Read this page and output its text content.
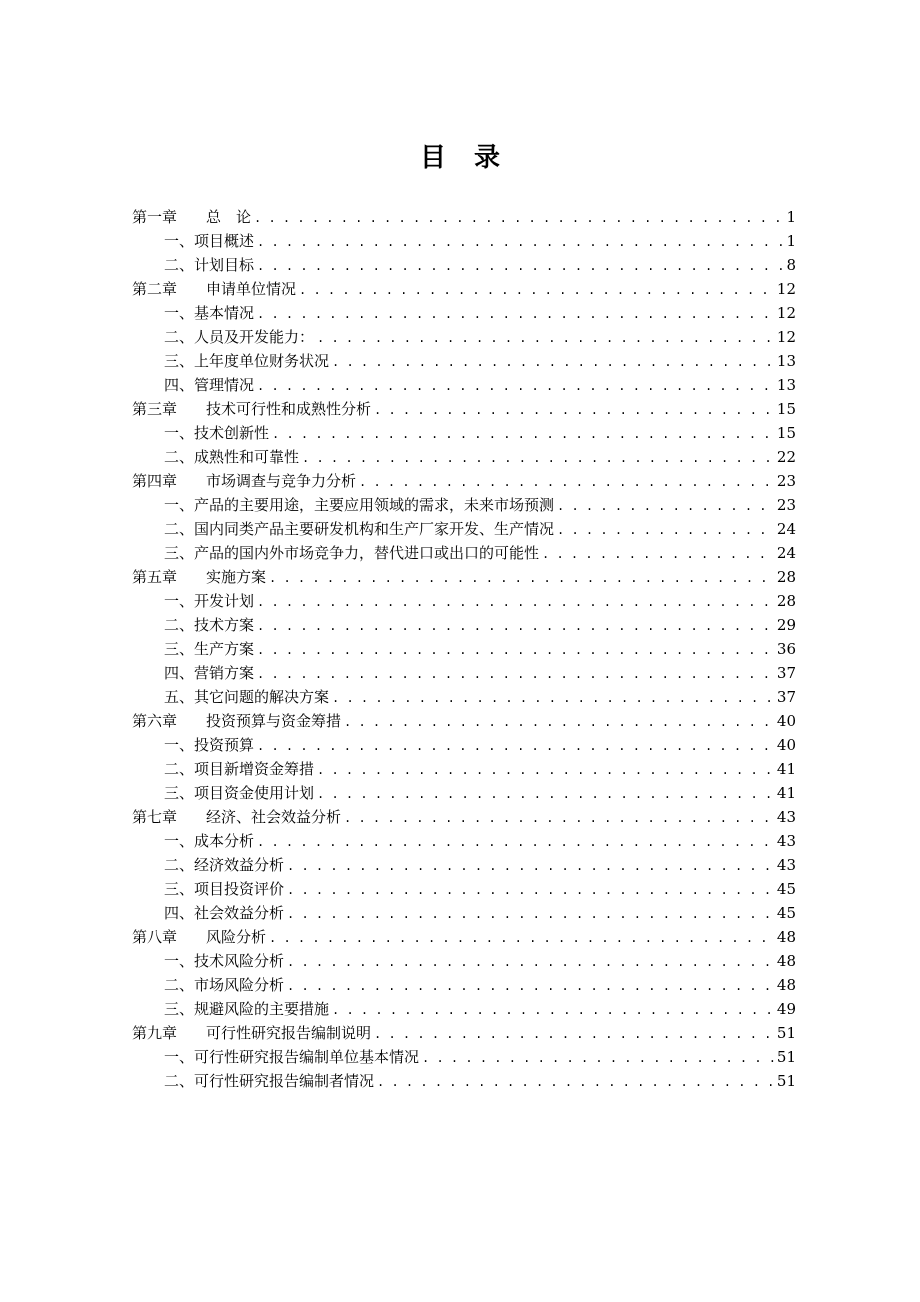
目 录
第一章	总　论 . . .	1
一、项目概述 . . .	1
二、计划目标 . . .	8
第二章	申请单位情况 . . .	12
一、基本情况 . . .	12
二、人员及开发能力： . . .	12
三、上年度单位财务状况 . . .	13
四、管理情况 . . .	13
第三章	技术可行性和成熟性分析 . . .	15
一、技术创新性 . . .	15
二、成熟性和可靠性 . . .	22
第四章	市场调查与竞争力分析 . . .	23
一、产品的主要用途，主要应用领域的需求，未来市场预测 . . .	23
二、国内同类产品主要研发机构和生产厂家开发、生产情况 . . .	24
三、产品的国内外市场竞争力，替代进口或出口的可能性 . . .	24
第五章	实施方案 . . .	28
一、开发计划 . . .	28
二、技术方案 . . .	29
三、生产方案 . . .	36
四、营销方案 . . .	37
五、其它问题的解决方案 . . .	37
第六章	投资预算与资金筹措 . . .	40
一、投资预算 . . .	40
二、项目新增资金筹措 . . .	41
三、项目资金使用计划 . . .	41
第七章	经济、社会效益分析 . . .	43
一、成本分析 . . .	43
二、经济效益分析 . . .	43
三、项目投资评价 . . .	45
四、社会效益分析 . . .	45
第八章	风险分析 . . .	48
一、技术风险分析 . . .	48
二、市场风险分析 . . .	48
三、规避风险的主要措施 . . .	49
第九章	可行性研究报告编制说明 . . .	51
一、可行性研究报告编制单位基本情况 . . .	51
二、可行性研究报告编制者情况 . . .	51
